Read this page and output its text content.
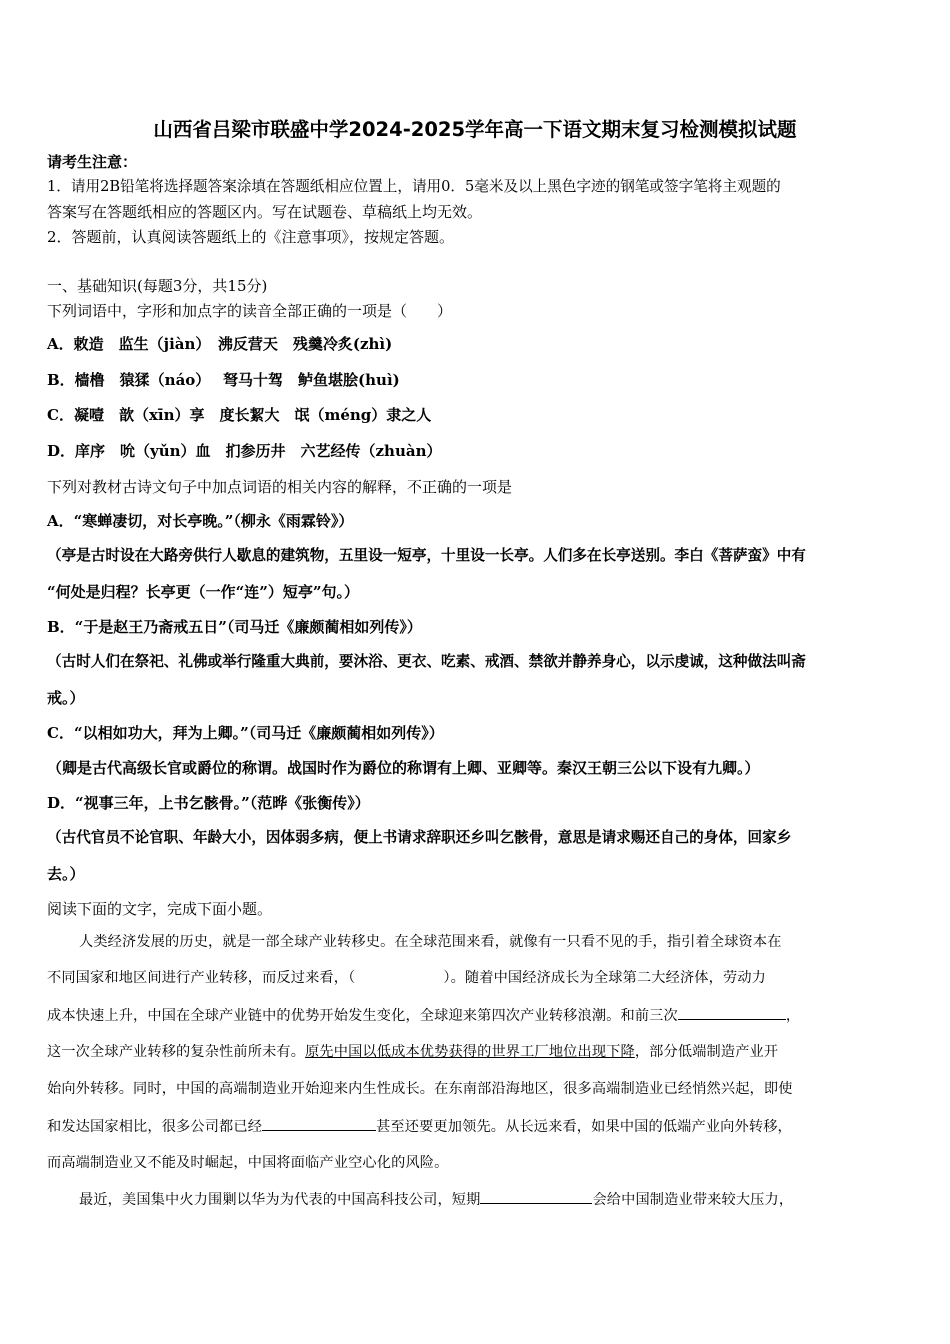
山西省吕梁市联盛中学2024-2025学年高一下语文期末复习检测模拟试题
请考生注意：
1．请用2B铅笔将选择题答案涂填在答题纸相应位置上，请用0．5毫米及以上黑色字迹的钢笔或签字笔将主观题的
答案写在答题纸相应的答题区内。写在试题卷、草稿纸上均无效。
2．答题前，认真阅读答题纸上的《注意事项》，按规定答题。
一、基础知识(每题3分，共15分)
下列词语中，字形和加点字的读音全部正确的一项是（　　）
A．敕造　监生（jiàn）　沸反营天　残羹冷炙(zhì)
B．樯橹　猿猱（náo）　 弩马十驾　鲈鱼堪脍(huì)
C．凝噎　歆（xīn）享　度长絜大　氓（méng）隶之人
D．庠序　吮（yǔn）血　扪参历井　六艺经传（zhuàn）
下列对教材古诗文句子中加点词语的相关内容的解释，不正确的一项是
A．“寒蝉凄切，对长亭晚。”（柳永《雨霖铃》）
（亭是古时设在大路旁供行人歇息的建筑物，五里设一短亭，十里设一长亭。人们多在长亭送别。李白《菩萨蛮》中有
“何处是归程？长亭更（一作“连”）短亭”句。）
B．“于是赵王乃斋戒五日”（司马迁《廉颇蔺相如列传》）
（古时人们在祭祀、礼佛或举行隆重大典前，要沐浴、更衣、吃素、戒酒、禁欲并静养身心，以示虔诚，这种做法叫斋
戒。）
C．“以相如功大，拜为上卿。”（司马迁《廉颇蔺相如列传》）
（卿是古代高级长官或爵位的称谓。战国时作为爵位的称谓有上卿、亚卿等。秦汉王朝三公以下设有九卿。）
D．“视事三年，上书乞骸骨。”（范晔《张衡传》）
（古代官员不论官职、年龄大小，因体弱多病，便上书请求辞职还乡叫乞骸骨，意思是请求赐还自己的身体，回家乡
去。）
阅读下面的文字，完成下面小题。
人类经济发展的历史，就是一部全球产业转移史。在全球范围来看，就像有一只看不见的手，指引着全球资本在
不同国家和地区间进行产业转移，而反过来看，（	）。随着中国经济成长为全球第二大经济体，劳动力
成本快速上升，中国在全球产业链中的优势开始发生变化，全球迎来第四次产业转移浪潮。和前三次	，
这一次全球产业转移的复杂性前所未有。原先中国以低成本优势获得的世界工厂地位出现下降，部分低端制造产业开
始向外转移。同时，中国的高端制造业开始迎来内生性成长。在东南部沿海地区，很多高端制造业已经悄然兴起，即使
和发达国家相比，很多公司都已经	甚至还要更加领先。从长远来看，如果中国的低端产业向外转移，
而高端制造业又不能及时崛起，中国将面临产业空心化的风险。
最近，美国集中火力围剿以华为为代表的中国高科技公司，短期	会给中国制造业带来较大压力，
